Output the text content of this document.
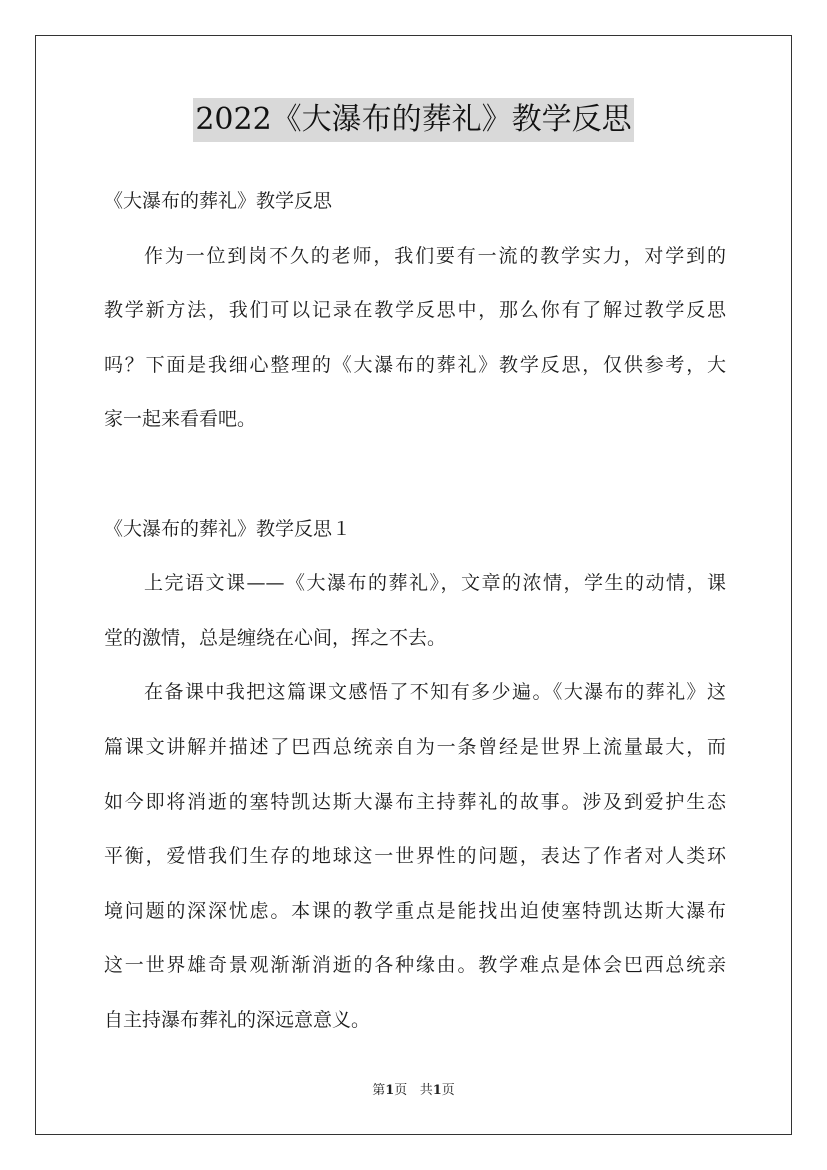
2022《大瀑布的葬礼》教学反思
《大瀑布的葬礼》教学反思
作为一位到岗不久的老师，我们要有一流的教学实力，对学到的
教学新方法，我们可以记录在教学反思中，那么你有了解过教学反思
吗？下面是我细心整理的《大瀑布的葬礼》教学反思，仅供参考，大
家一起来看看吧。
《大瀑布的葬礼》教学反思１
上完语文课——《大瀑布的葬礼》，文章的浓情，学生的动情，课
堂的激情，总是缠绕在心间，挥之不去。
在备课中我把这篇课文感悟了不知有多少遍。《大瀑布的葬礼》这
篇课文讲解并描述了巴西总统亲自为一条曾经是世界上流量最大，而
如今即将消逝的塞特凯达斯大瀑布主持葬礼的故事。涉及到爱护生态
平衡，爱惜我们生存的地球这一世界性的问题，表达了作者对人类环
境问题的深深忧虑。本课的教学重点是能找出迫使塞特凯达斯大瀑布
这一世界雄奇景观渐渐消逝的各种缘由。教学难点是体会巴西总统亲
自主持瀑布葬礼的深远意意义。
第1页 共1页
